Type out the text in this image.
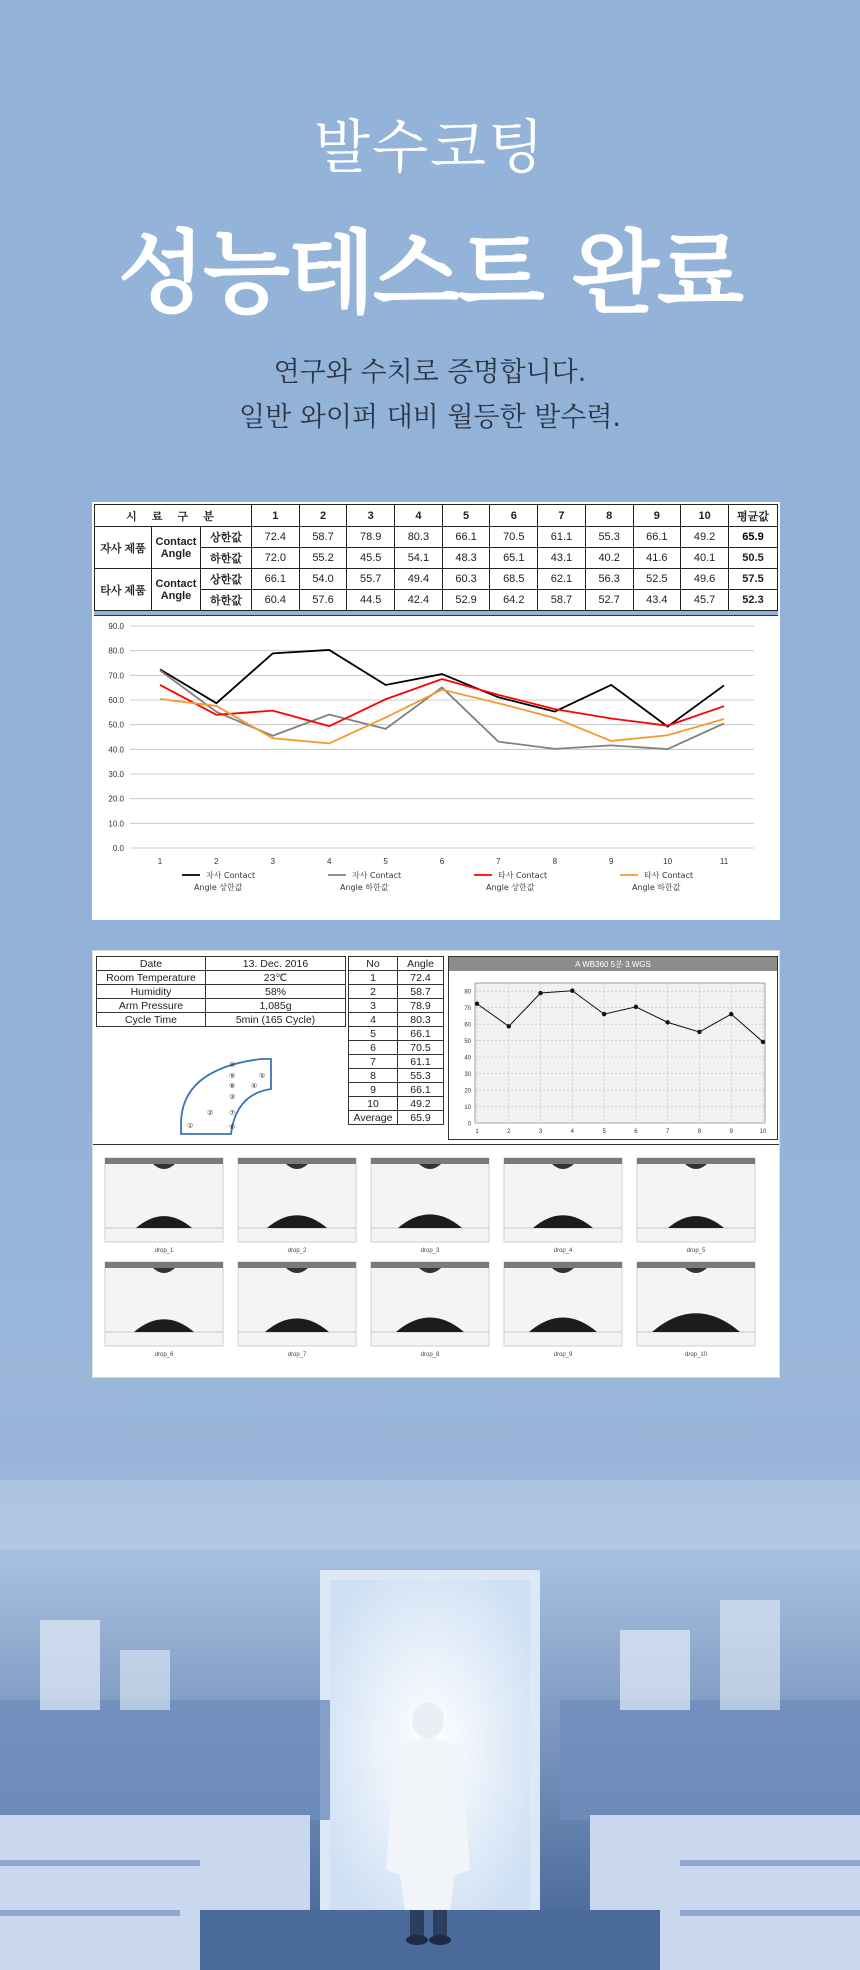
발수코팅
성능테스트 완료
연구와 수치로 증명합니다.
일반 와이퍼 대비 월등한 발수력.
시 료 구 분			1	2	3	4	5	6	7	8	9	10	평균값
자사 제품	Contact Angle	상한값	72.4	58.7	78.9	80.3	66.1	70.5	61.1	55.3	66.1	49.2	65.9
		하한값	72.0	55.2	45.5	54.1	48.3	65.1	43.1	40.2	41.6	40.1	50.5
타사 제품	Contact Angle	상한값	66.1	54.0	55.7	49.4	60.3	68.5	62.1	56.3	52.5	49.6	57.5
		하한값	60.4	57.6	44.5	42.4	52.9	64.2	58.7	52.7	43.4	45.7	52.3
0.0
10.0
20.0
30.0
40.0
50.0
60.0
70.0
80.0
90.0
1	2	3	4	5	6	7	8	9	10	11
자사 Contact
Angle 상한값
자사 Contact
Angle 하한값
타사 Contact
Angle 상한값
타사 Contact
Angle 하한값
Date	13. Dec. 2016
Room Temperature	23℃
Humidity	58%
Arm Pressure	1,085g
Cycle Time	5min (165 Cycle)
①
②
③
④
⑤
⑥
⑦
⑧
⑨
⑩
No	Angle
1	72.4
2	58.7
3	78.9
4	80.3
5	66.1
6	70.5
7	61.1
8	55.3
9	66.1
10	49.2
Average	65.9
A WB360 5분 3.WGS
0
10
20
30
40
50
60
70
80
1	2	3	4	5	6	7	8	9	10
drop_1	drop_2	drop_3	drop_4	drop_5
drop_6	drop_7	drop_8	drop_9	drop_10
